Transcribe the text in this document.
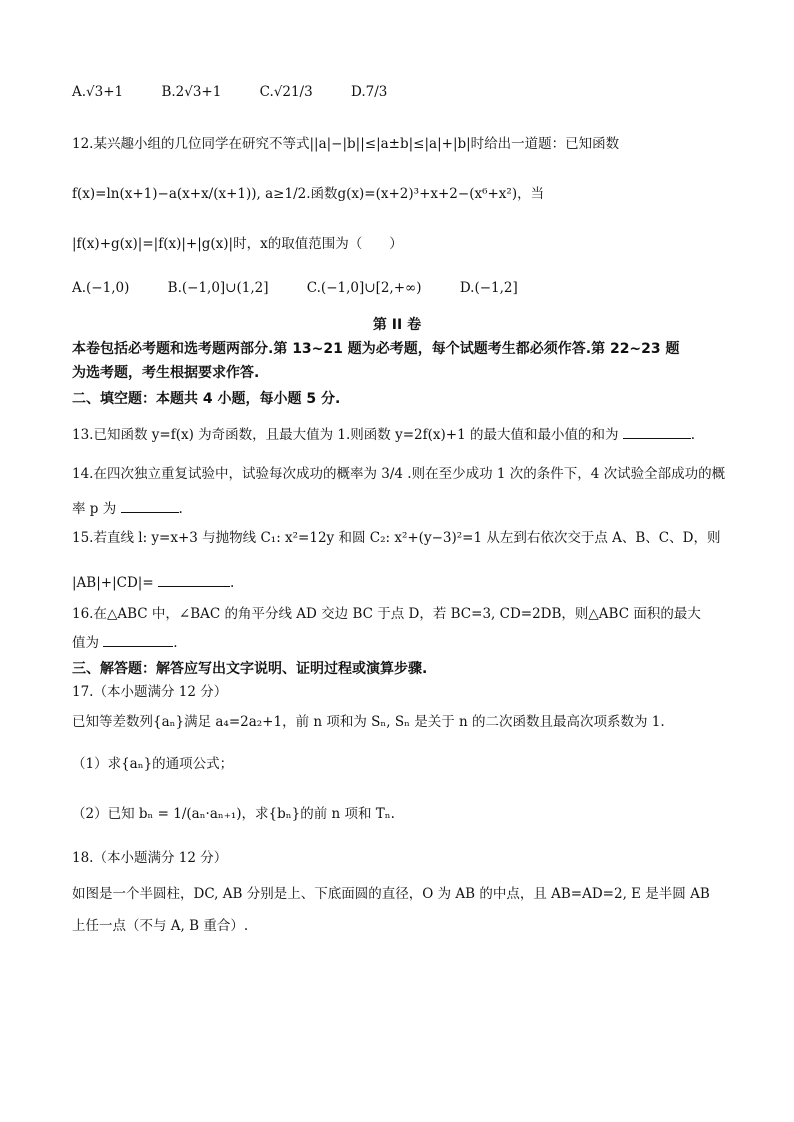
A.√3+1	B.2√3+1	C.√21/3	D.7/3
12.某兴趣小组的几位同学在研究不等式||a|−|b||≤|a±b|≤|a|+|b|时给出一道题：已知函数
f(x)=ln(x+1)−a(x+x/(x+1)), a≥1/2.函数g(x)=(x+2)³+x+2−(x⁶+x²)，当
|f(x)+g(x)|=|f(x)|+|g(x)|时，x的取值范围为（　　）
A.(−1,0)	B.(−1,0]∪(1,2]	C.(−1,0]∪[2,+∞)	D.(−1,2]
第 II 卷
本卷包括必考题和选考题两部分.第 13~21 题为必考题，每个试题考生都必须作答.第 22~23 题
为选考题，考生根据要求作答.
二、填空题：本题共 4 小题，每小题 5 分.
13.已知函数 y=f(x) 为奇函数，且最大值为 1.则函数 y=2f(x)+1 的最大值和最小值的和为	.
14.在四次独立重复试验中，试验每次成功的概率为 3/4 .则在至少成功 1 次的条件下，4 次试验全部成功的概
率 p 为	.
15.若直线 l: y=x+3 与抛物线 C₁: x²=12y 和圆 C₂: x²+(y−3)²=1 从左到右依次交于点 A、B、C、D，则
|AB|+|CD|=	.
16.在△ABC 中，∠BAC 的角平分线 AD 交边 BC 于点 D，若 BC=3, CD=2DB，则△ABC 面积的最大
值为	.
三、解答题：解答应写出文字说明、证明过程或演算步骤.
17.（本小题满分 12 分）
已知等差数列{aₙ}满足 a₄=2a₂+1，前 n 项和为 Sₙ, Sₙ 是关于 n 的二次函数且最高次项系数为 1.
（1）求{aₙ}的通项公式；
（2）已知 bₙ = 1/(aₙ·aₙ₊₁)，求{bₙ}的前 n 项和 Tₙ.
18.（本小题满分 12 分）
如图是一个半圆柱，DC, AB 分别是上、下底面圆的直径，O 为 AB 的中点，且 AB=AD=2, E 是半圆 AB
上任一点（不与 A, B 重合）.
